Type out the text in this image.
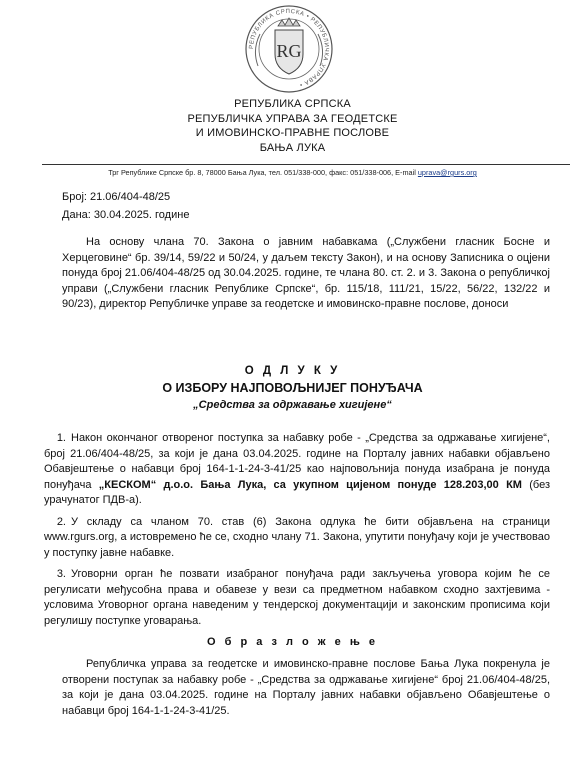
РЕПУБЛИКА СРПСКА • РЕПУБЛИЧКА УПРАВА •
RG
РЕПУБЛИКА СРПСКА
РЕПУБЛИЧКА УПРАВА ЗА ГЕОДЕТСКЕ
И ИМОВИНСКО-ПРАВНЕ ПОСЛОВЕ
БАЊА ЛУКА
Трг Републике Српске бр. 8, 78000 Бања Лука, тел. 051/338-000, факс: 051/338-006, E-mail uprava@rgurs.org
Број: 21.06/404-48/25
Дана: 30.04.2025. године
На основу члана 70. Закона о јавним набавкама („Службени гласник Босне и Херцеговине“ бр. 39/14, 59/22 и 50/24, у даљем тексту Закон), и на основу Записника о оцјени понуда број 21.06/404-48/25 од 30.04.2025. године, те члана 80. ст. 2. и 3. Закона о републичкој управи („Службени гласник Републике Српске“, бр. 115/18, 111/21, 15/22, 56/22, 132/22 и 90/23), директор Републичке управе за геодетске и имовинско-правне послове, доноси
О Д Л У К У
О ИЗБОРУ НАЈПОВОЉНИЈЕГ ПОНУЂАЧА
„Средства за одржавање хигијене“
1. Након окончаног отвореног поступка за набавку робе - „Средства за одржавање хигијене“, број 21.06/404-48/25, за који је дана 03.04.2025. године на Порталу јавних набавки објављено Обавјештење о набавци број 164-1-1-24-3-41/25 као најповољнија понуда изабрана је понуда понуђача „КЕСКОМ“ д.о.о. Бања Лука, са укупном цијеном понуде 128.203,00 КМ (без урачунатог ПДВ-а).
2. У складу са чланом 70. став (6) Закона одлука ће бити објављена на страници www.rgurs.org, а истовремено ће се, сходно члану 71. Закона, упутити понуђачу који је учествовао у поступку јавне набавке.
3. Уговорни орган ће позвати изабраног понуђача ради закључења уговора којим ће се регулисати међусобна права и обавезе у вези са предметном набавком сходно захтјевима - условима Уговорног органа наведеним у тендерској документацији и законским прописима који регулишу поступке уговарања.
О б р а з л о ж е њ е
Републичка управа за геодетске и имовинско-правне послове Бања Лука покренула је отворени поступак за набавку робе - „Средства за одржавање хигијене“ број 21.06/404-48/25, за који је дана 03.04.2025. године на Порталу јавних набавки објављено Обавјештење о набавци број 164-1-1-24-3-41/25.
